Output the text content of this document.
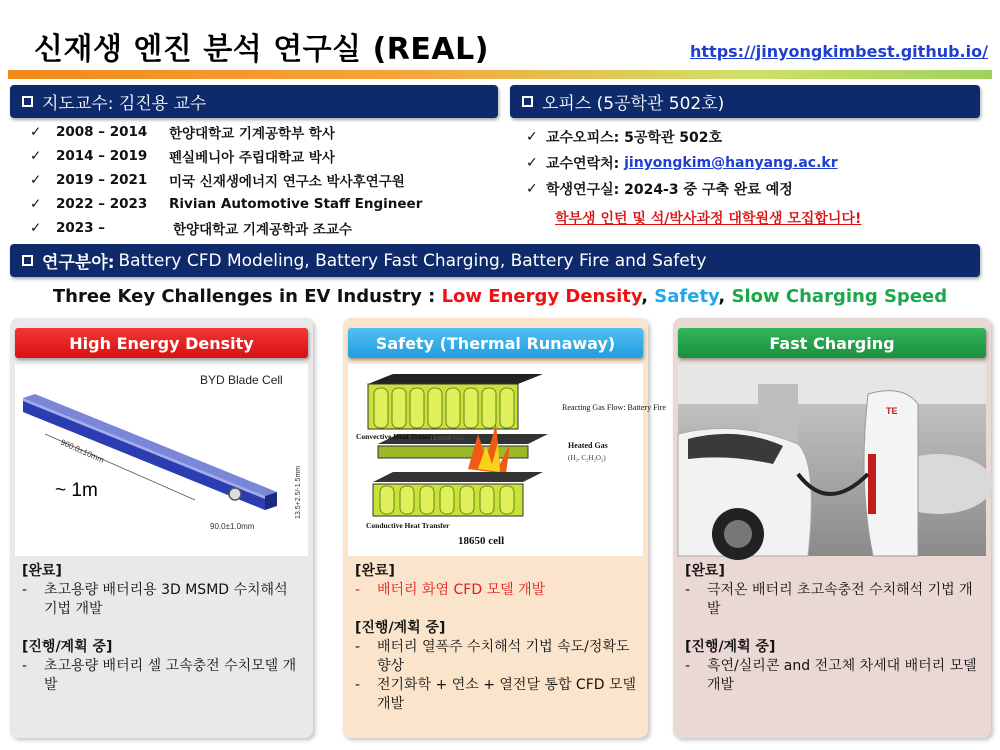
신재생 엔진 분석 연구실 (REAL)	https://jinyongkimbest.github.io/
지도교수: 김진용 교수	오피스 (5공학관 502호)
✓	2008 – 2014	한양대학교 기계공학부 학사
✓	2014 – 2019	펜실베니아 주립대학교 박사
✓	2019 – 2021	미국 신재생에너지 연구소 박사후연구원
✓	2022 – 2023	Rivian Automotive Staff Engineer
✓	2023 –	한양대학교 기계공학과 조교수
✓ 교수오피스:
5공학관 502호
✓ 교수연락처:
jinyongkim@hanyang.ac.kr
✓ 학생연구실:
2024-3 중 구축 완료 예정
학부생 인턴 및 석/박사과정 대학원생 모집합니다!
연구분야: Battery CFD Modeling, Battery Fast Charging, Battery Fire and Safety
Three Key Challenges in EV Industry : Low Energy Density, Safety, Slow Charging Speed
High Energy Density
BYD Blade Cell
960.0±10mm
90.0±1.0mm
13.5+2.5/-1.5mm
~ 1m
[완료]
-	초고용량 배터리용 3D MSMD 수치해석 기법 개발
[진행/계획 중]
-	초고용량 배터리 셀 고속충전 수치모델 개발
Safety (Thermal Runaway)
Reacting Gas Flow: Battery Fire
Convective Heat Transfer
Heated Gas
Heated Gas
(H₂, C₂H₂O₂)
Conductive Heat Transfer
18650 cell
[완료]
-	배터리 화염 CFD 모델 개발
[진행/계획 중]
-	배터리 열폭주 수치해석 기법 속도/정확도향상
-	전기화학 + 연소 + 열전달 통합 CFD 모델 개발
Fast Charging
TE
[완료]
-	극저온 배터리 초고속충전 수치해석 기법 개발
[진행/계획 중]
-	흑연/실리콘 and 전고체 차세대 배터리 모델 개발
